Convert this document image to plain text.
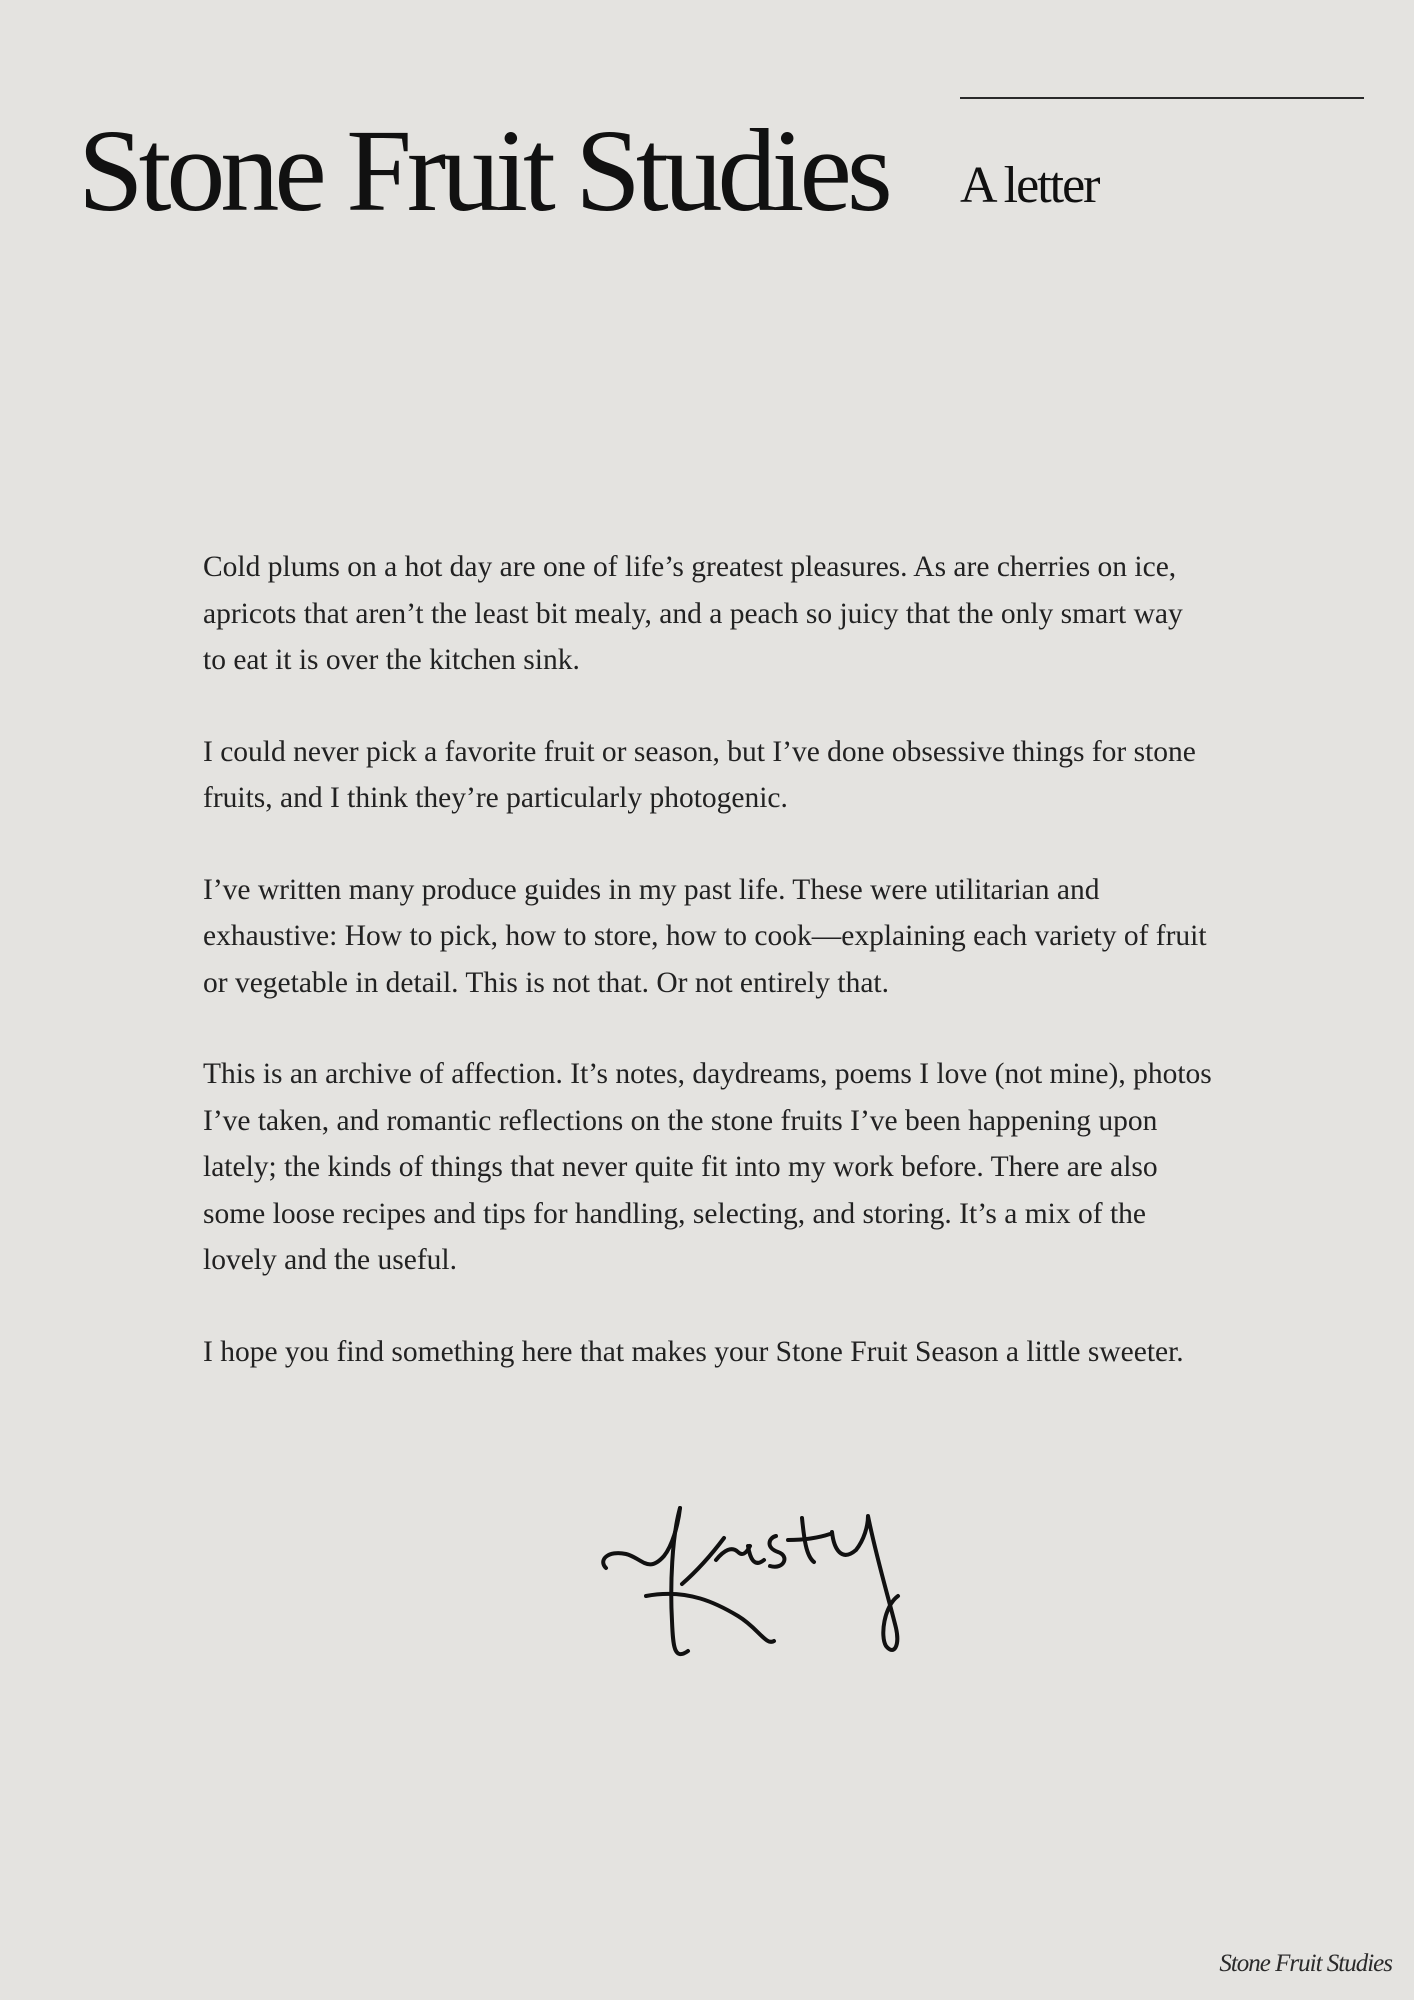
Stone Fruit Studies A letter

Cold plums on a hot day are one of life’s greatest pleasures. As are cherries on ice, apricots that aren’t the least bit mealy, and a peach so juicy that the only smart way to eat it is over the kitchen sink.

I could never pick a favorite fruit or season, but I’ve done obsessive things for stone fruits, and I think they’re particularly photogenic.

I’ve written many produce guides in my past life. These were utilitarian and exhaustive: How to pick, how to store, how to cook—explaining each variety of fruit or vegetable in detail. This is not that. Or not entirely that.

This is an archive of affection. It’s notes, daydreams, poems I love (not mine), photos I’ve taken, and romantic reflections on the stone fruits I’ve been happening upon lately; the kinds of things that never quite fit into my work before. There are also some loose recipes and tips for handling, selecting, and storing. It’s a mix of the lovely and the useful.

I hope you find something here that makes your Stone Fruit Season a little sweeter.

Stone Fruit Studies
